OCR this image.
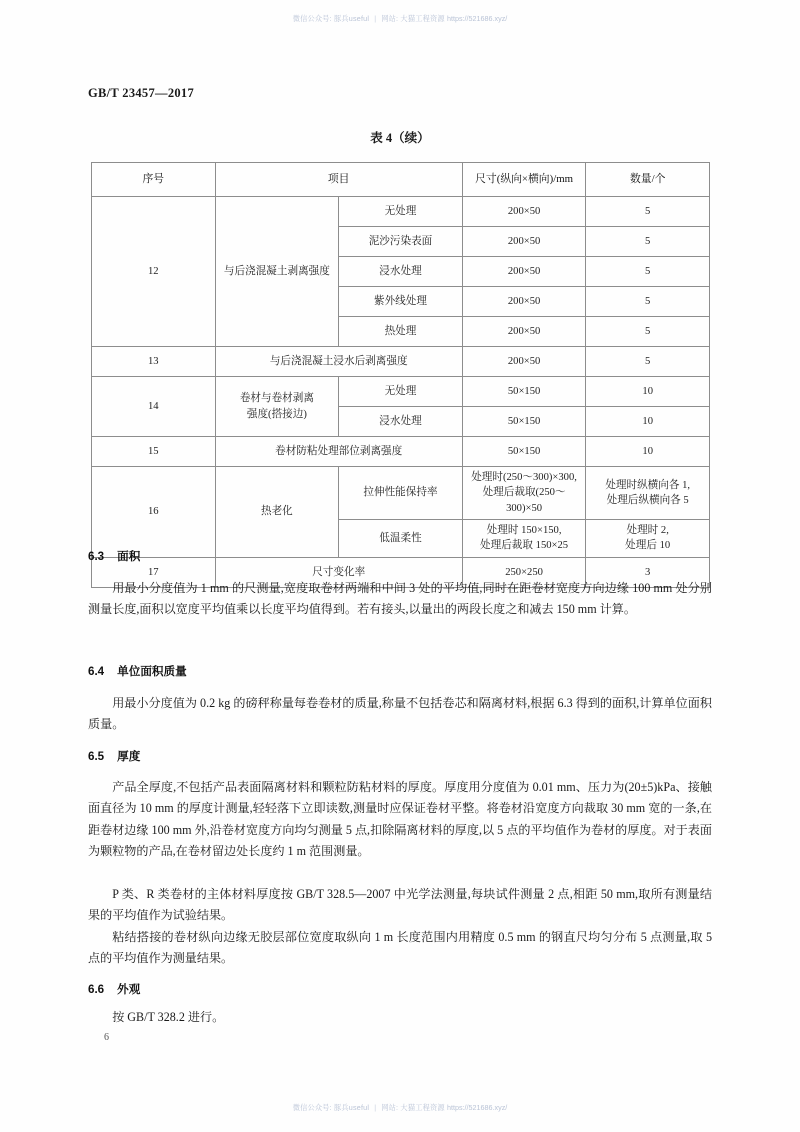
微信公众号: 豚兵useful | 网站: 大猫工程资源 https://521686.xyz/
GB/T 23457—2017
表 4（续）
序号	项目		尺寸(纵向×横向)/mm	数量/个
12	与后浇混凝土剥离强度	无处理	200×50	5
		泥沙污染表面	200×50	5
		浸水处理	200×50	5
		紫外线处理	200×50	5
		热处理	200×50	5
13	与后浇混凝土浸水后剥离强度		200×50	5
14	卷材与卷材剥离
强度(搭接边)	无处理	50×150	10
		浸水处理	50×150	10
15	卷材防粘处理部位剥离强度		50×150	10
16	热老化	拉伸性能保持率	处理时(250～300)×300,
处理后裁取(250～300)×50	处理时纵横向各 1,
处理后纵横向各 5

		低温柔性	处理时 150×150,
处理后裁取 150×25	处理时 2,
处理后 10

17	尺寸变化率		250×250	3
6.3 面积
用最小分度值为 1 mm 的尺测量,宽度取卷材两端和中间 3 处的平均值,同时在距卷材宽度方向边缘 100 mm 处分别测量长度,面积以宽度平均值乘以长度平均值得到。若有接头,以量出的两段长度之和减去 150 mm 计算。
6.4 单位面积质量
用最小分度值为 0.2 kg 的磅秤称量每卷卷材的质量,称量不包括卷芯和隔离材料,根据 6.3 得到的面积,计算单位面积质量。
6.5 厚度
产品全厚度,不包括产品表面隔离材料和颗粒防粘材料的厚度。厚度用分度值为 0.01 mm、压力为(20±5)kPa、接触面直径为 10 mm 的厚度计测量,轻轻落下立即读数,测量时应保证卷材平整。将卷材沿宽度方向裁取 30 mm 宽的一条,在距卷材边缘 100 mm 外,沿卷材宽度方向均匀测量 5 点,扣除隔离材料的厚度,以 5 点的平均值作为卷材的厚度。对于表面为颗粒物的产品,在卷材留边处长度约 1 m 范围测量。
P 类、R 类卷材的主体材料厚度按 GB/T 328.5—2007 中光学法测量,每块试件测量 2 点,相距 50 mm,取所有测量结果的平均值作为试验结果。
粘结搭接的卷材纵向边缘无胶层部位宽度取纵向 1 m 长度范围内用精度 0.5 mm 的钢直尺均匀分布 5 点测量,取 5 点的平均值作为测量结果。
6.6 外观
按 GB/T 328.2 进行。
6
微信公众号: 豚兵useful | 网站: 大猫工程资源 https://521686.xyz/
